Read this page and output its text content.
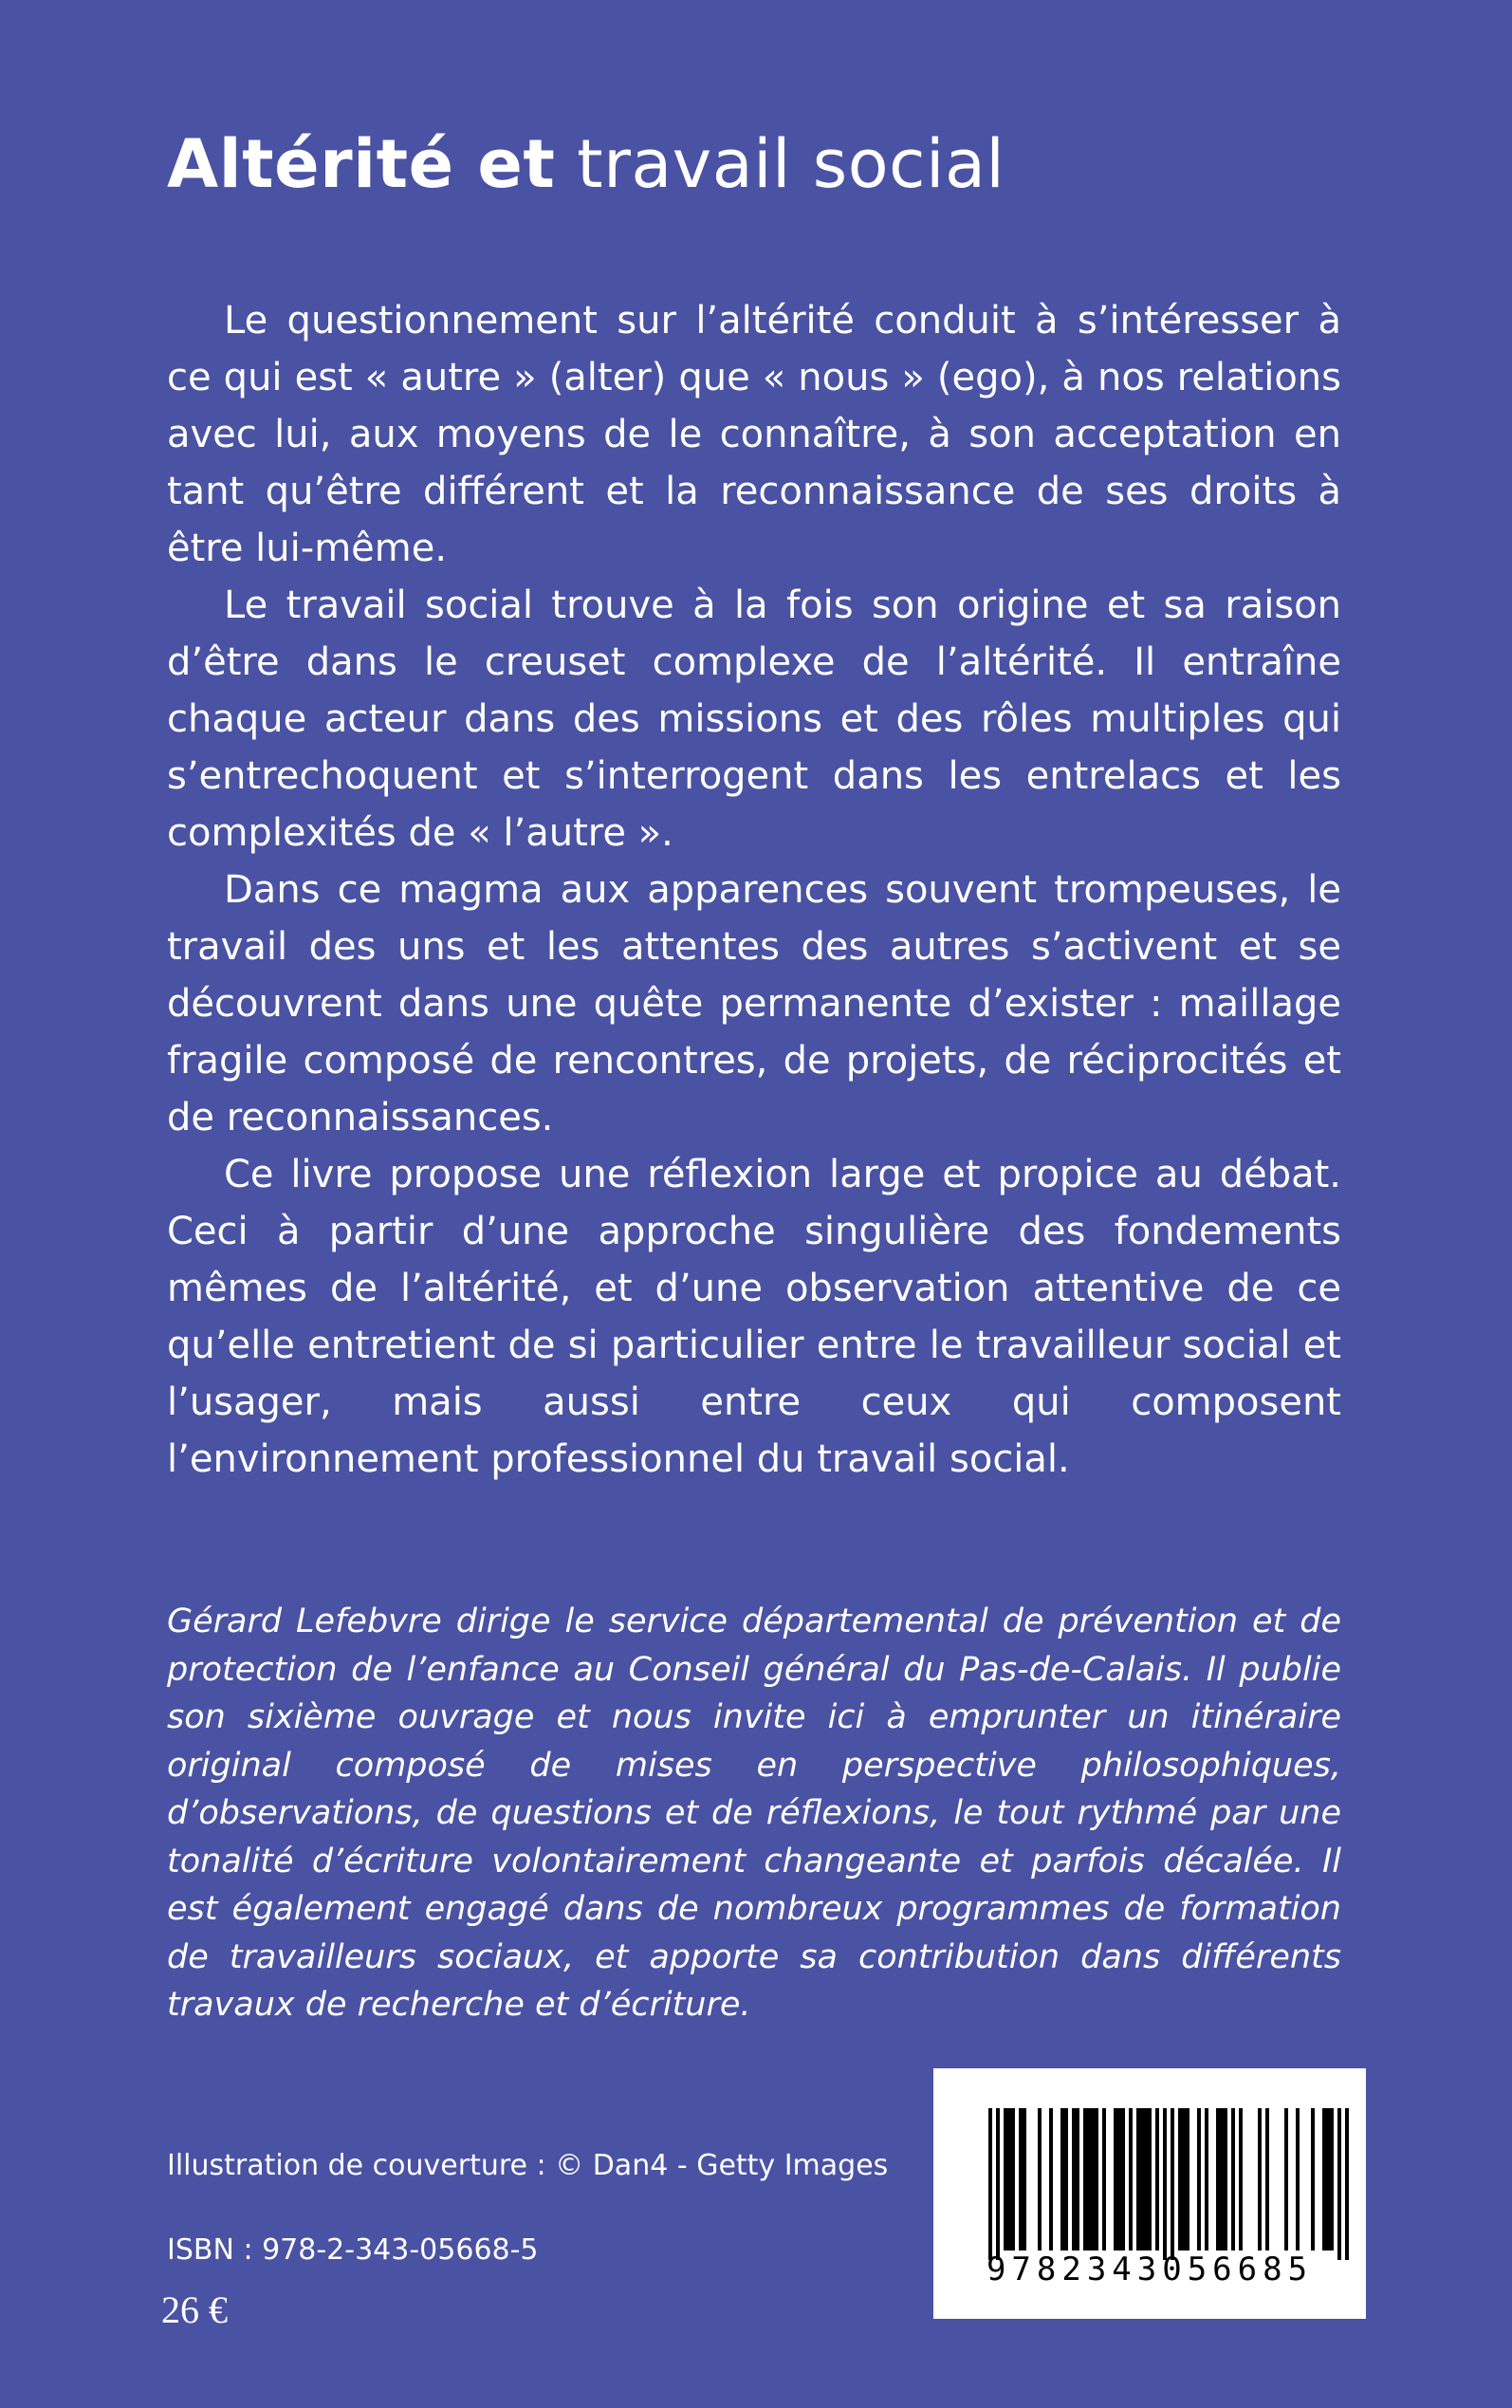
Altérité et travail social

Le questionnement sur l’altérité conduit à s’intéresser à ce qui est « autre » (alter) que « nous » (ego), à nos relations avec lui, aux moyens de le connaître, à son acceptation en tant qu’être différent et la reconnaissance de ses droits à être lui-même.

Le travail social trouve à la fois son origine et sa raison d’être dans le creuset complexe de l’altérité. Il entraîne chaque acteur dans des missions et des rôles multiples qui s’entrechoquent et s’interrogent dans les entrelacs et les complexités de « l’autre ».

Dans ce magma aux apparences souvent trompeuses, le travail des uns et les attentes des autres s’activent et se découvrent dans une quête permanente d’exister : maillage fragile composé de rencontres, de projets, de réciprocités et de reconnaissances.

Ce livre propose une réflexion large et propice au débat. Ceci à partir d’une approche singulière des fondements mêmes de l’altérité, et d’une observation attentive de ce qu’elle entretient de si particulier entre le travailleur social et l’usager, mais aussi entre ceux qui composent l’environnement professionnel du travail social.

Gérard Lefebvre dirige le service départemental de prévention et de protection de l’enfance au Conseil général du Pas-de-Calais. Il publie son sixième ouvrage et nous invite ici à emprunter un itinéraire original composé de mises en perspective philosophiques, d’observations, de questions et de réflexions, le tout rythmé par une tonalité d’écriture volontairement changeante et parfois décalée. Il est également engagé dans de nombreux programmes de formation de travailleurs sociaux, et apporte sa contribution dans différents travaux de recherche et d’écriture.
Illustration de couverture : © Dan4 - Getty Images
ISBN : 978-2-343-05668-5
26 €
9782343056685
